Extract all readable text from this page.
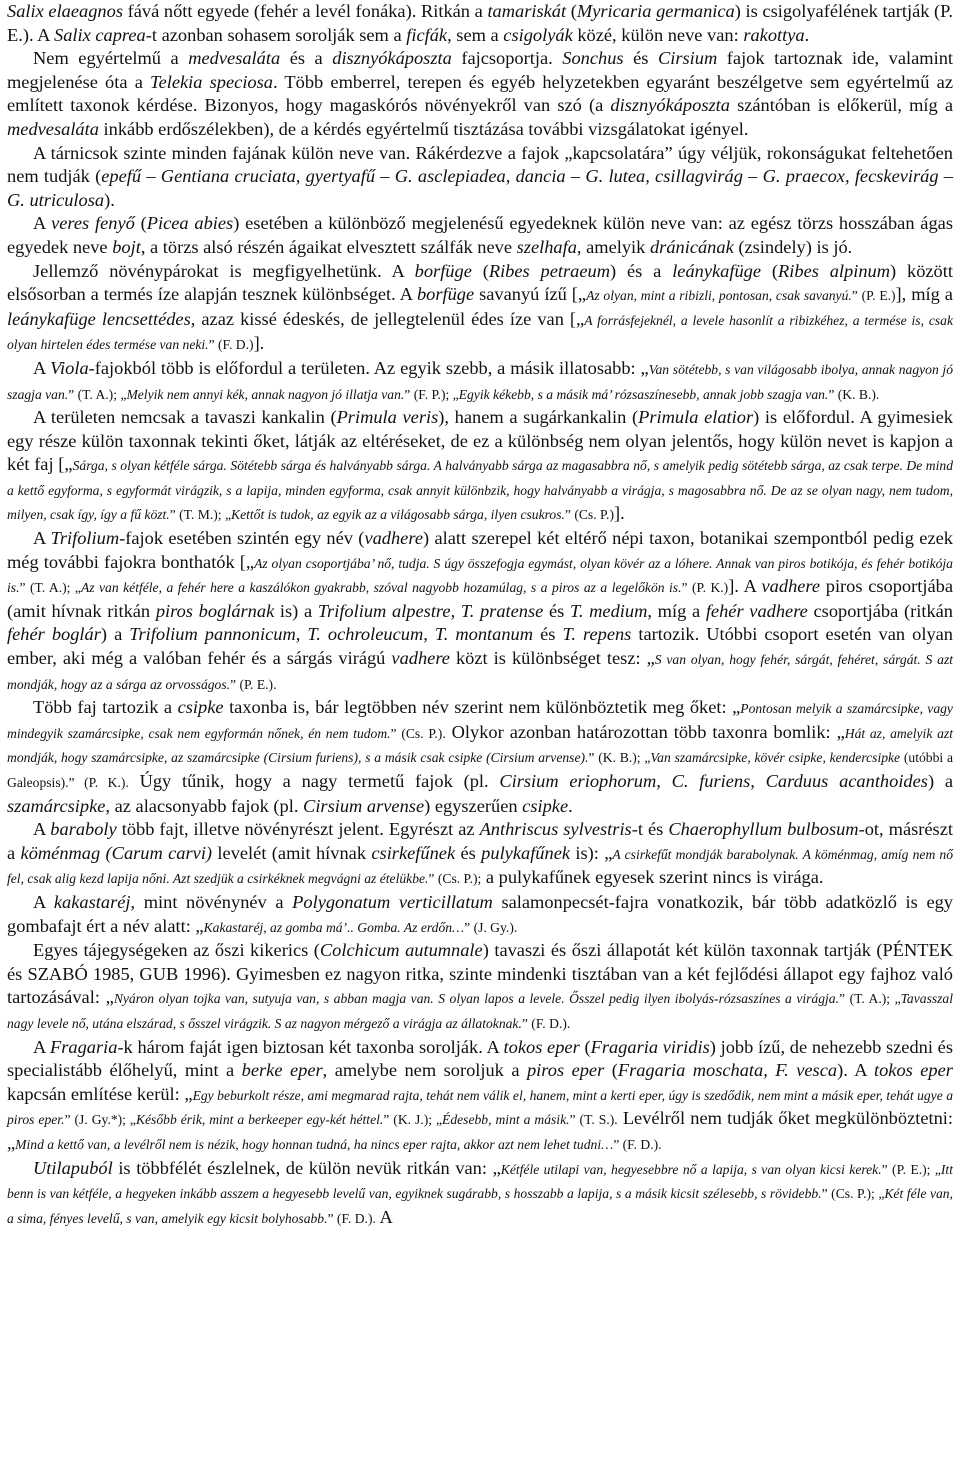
Salix elaeagnos fává nőtt egyede (fehér a levél fonáka). Ritkán a tamariskát (Myricaria germanica) is csigolyafélének tartják (P. E.). A Salix caprea-t azonban sohasem sorolják sem a ficfák, sem a csigolyák közé, külön neve van: rakottya.

Nem egyértelmű a medvesaláta és a disznyókáposzta fajcsoportja. Sonchus és Cirsium fajok tartoznak ide, valamint megjelenése óta a Telekia speciosa. Több emberrel, terepen és egyéb helyzetekben egyaránt beszélgetve sem egyértelmű az említett taxonok kérdése. Bizonyos, hogy magaskórós növényekről van szó (a disznyókáposzta szántóban is előkerül, míg a medvesaláta inkább erdőszélekben), de a kérdés egyértelmű tisztázása további vizsgálatokat igényel.

A tárnicsok szinte minden fajának külön neve van. Rákérdezve a fajok „kapcsolatára” úgy véljük, rokonságukat feltehetően nem tudják (epefű – Gentiana cruciata, gyertyafű – G. asclepiadea, dancia – G. lutea, csillagvirág – G. praecox, fecskevirág – G. utriculosa).

A veres fenyő (Picea abies) esetében a különböző megjelenésű egyedeknek külön neve van: az egész törzs hosszában ágas egyedek neve bojt, a törzs alsó részén ágaikat elvesztett szálfák neve szelhafa, amelyik dránicának (zsindely) is jó.

Jellemző növénypárokat is megfigyelhetünk. A borfüge (Ribes petraeum) és a leánykafüge (Ribes alpinum) között elsősorban a termés íze alapján tesznek különbséget. A borfüge savanyú ízű [„Az olyan, mint a ribizli, pontosan, csak savanyú.” (P. E.)], míg a leánykafüge lencsettédes, azaz kissé édeskés, de jellegtelenül édes íze van [„A forrásfejeknél, a levele hasonlít a ribizkéhez, a termése is, csak olyan hirtelen édes termése van neki.” (F. D.)].

A Viola-fajokból több is előfordul a területen. Az egyik szebb, a másik illatosabb: „Van sötétebb, s van világosabb ibolya, annak nagyon jó szagja van.” (T. A.); „Melyik nem annyi kék, annak nagyon jó illatja van.” (F. P.); „Egyik kékebb, s a másik má’ rózsaszínesebb, annak jobb szagja van.” (K. B.).

A területen nemcsak a tavaszi kankalin (Primula veris), hanem a sugárkankalin (Primula elatior) is előfordul. A gyimesiek egy része külön taxonnak tekinti őket, látják az eltéréseket, de ez a különbség nem olyan jelentős, hogy külön nevet is kapjon a két faj [„Sárga, s olyan kétféle sárga. Sötétebb sárga és halványabb sárga. A halványabb sárga az magasabbra nő, s amelyik pedig sötétebb sárga, az csak terpe. De mind a kettő egyforma, s egyformát virágzik, s a lapija, minden egyforma, csak annyit különbzik, hogy halványabb a virágja, s magosabbra nő. De az se olyan nagy, nem tudom, milyen, csak így, így a fű közt.” (T. M.); „Kettőt is tudok, az egyik az a világosabb sárga, ilyen csukros.” (Cs. P.)].

A Trifolium-fajok esetében szintén egy név (vadhere) alatt szerepel két eltérő népi taxon, botanikai szempontból pedig ezek még további fajokra bonthatók [„Az olyan csoportjába’ nő, tudja. S úgy összefogja egymást, olyan kövér az a lóhere. Annak van piros botikója, és fehér botikója is.” (T. A.); „Az van kétféle, a fehér here a kaszálókon gyakrabb, szóval nagyobb hozamúlag, s a piros az a legelőkön is.” (P. K.)]. A vadhere piros csoportjába (amit hívnak ritkán piros boglárnak is) a Trifolium alpestre, T. pratense és T. medium, míg a fehér vadhere csoportjába (ritkán fehér boglár) a Trifolium pannonicum, T. ochroleucum, T. montanum és T. repens tartozik. Utóbbi csoport esetén van olyan ember, aki még a valóban fehér és a sárgás virágú vadhere közt is különbséget tesz: „S van olyan, hogy fehér, sárgát, fehéret, sárgát. S azt mondják, hogy az a sárga az orvosságos.” (P. E.).

Több faj tartozik a csipke taxonba is, bár legtöbben név szerint nem különböztetik meg őket: „Pontosan melyik a szamárcsipke, vagy mindegyik szamárcsipke, csak nem egyformán nőnek, én nem tudom.” (Cs. P.). Olykor azonban határozottan több taxonra bomlik: „Hát az, amelyik azt mondják, hogy szamárcsipke, az szamárcsipke (Cirsium furiens), s a másik csak csipke (Cirsium arvense).” (K. B.); „Van szamárcsipke, kövér csipke, kendercsipke (utóbbi a Galeopsis).” (P. K.). Úgy tűnik, hogy a nagy termetű fajok (pl. Cirsium eriophorum, C. furiens, Carduus acanthoides) a szamárcsipke, az alacsonyabb fajok (pl. Cirsium arvense) egyszerűen csipke.

A baraboly több fajt, illetve növényrészt jelent. Egyrészt az Anthriscus sylvestris-t és Chaerophyllum bulbosum-ot, másrészt a köménmag (Carum carvi) levelét (amit hívnak csirkefűnek és pulykafűnek is): „A csirkefűt mondják barabolynak. A köménmag, amíg nem nő fel, csak alig kezd lapija nőni. Azt szedjük a csirkéknek megvágni az ételükbe.” (Cs. P.); a pulykafűnek egyesek szerint nincs is virága.

A kakastaréj, mint növénynév a Polygonatum verticillatum salamonpecsét-fajra vonatkozik, bár több adatközlő is egy gombafajt ért a név alatt: „Kakastaréj, az gomba má’.. Gomba. Az erdőn…” (J. Gy.).

Egyes tájegységeken az őszi kikerics (Colchicum autumnale) tavaszi és őszi állapotát két külön taxonnak tartják (PÉNTEK és SZABÓ 1985, GUB 1996). Gyimesben ez nagyon ritka, szinte mindenki tisztában van a két fejlődési állapot egy fajhoz való tartozásával: „Nyáron olyan tojka van, sutyuja van, s abban magja van. S olyan lapos a levele. Ősszel pedig ilyen ibolyás-rózsaszínes a virágja.” (T. A.); „Tavasszal nagy levele nő, utána elszárad, s ősszel virágzik. S az nagyon mérgező a virágja az állatoknak.” (F. D.).

A Fragaria-k három faját igen biztosan két taxonba sorolják. A tokos eper (Fragaria viridis) jobb ízű, de nehezebb szedni és specialistább élőhelyű, mint a berke eper, amelybe nem soroljuk a piros eper (Fragaria moschata, F. vesca). A tokos eper kapcsán említése kerül: „Egy beburkolt része, ami megmarad rajta, tehát nem válik el, hanem, mint a kerti eper, úgy is szedődik, nem mint a másik eper, tehát ugye a piros eper.” (J. Gy.*); „Később érik, mint a berkeeper egy-két héttel.” (K. J.); „Édesebb, mint a másik.” (T. S.). Levélről nem tudják őket megkülönböztetni: „Mind a kettő van, a levélről nem is nézik, hogy honnan tudná, ha nincs eper rajta, akkor azt nem lehet tudni…” (F. D.).

Utilapuból is többfélét észlelnek, de külön nevük ritkán van: „Kétféle utilapi van, hegyesebbre nő a lapija, s van olyan kicsi kerek.” (P. E.); „Itt benn is van kétféle, a hegyeken inkább asszem a hegyesebb levelű van, egyiknek sugárabb, s hosszabb a lapija, s a másik kicsit szélesebb, s rövidebb.” (Cs. P.); „Két féle van, a sima, fényes levelű, s van, amelyik egy kicsit bolyhosabb.” (F. D.). A
